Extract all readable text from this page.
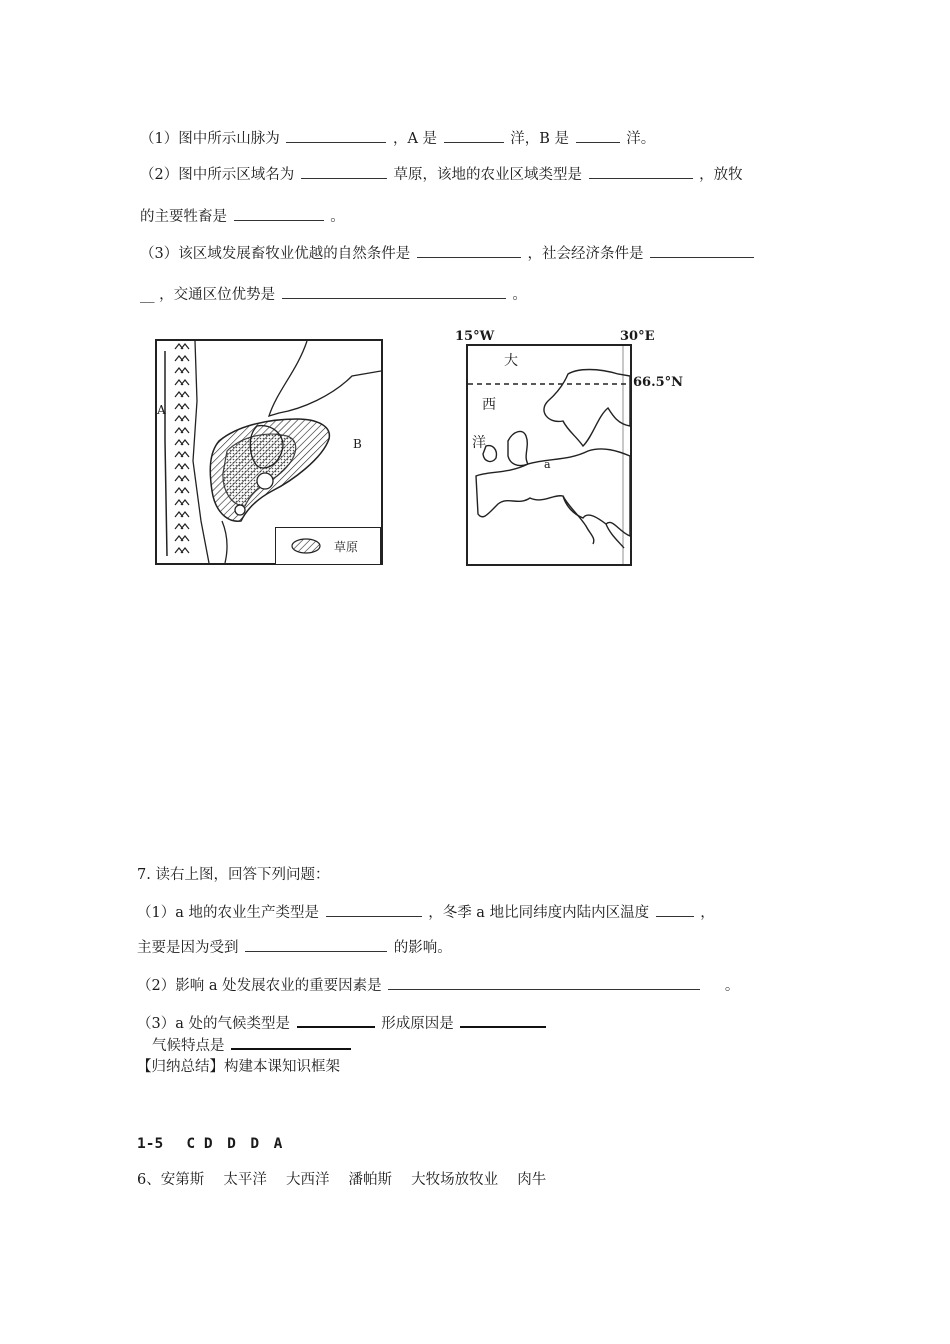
（1）图中所示山脉为	，A 是	洋，B 是	洋。
（2）图中所示区域名为	草原，该地的农业区域类型是	，放牧
的主要牲畜是	。
（3）该区域发展畜牧业优越的自然条件是	，社会经济条件是
__ ，交通区位优势是	。
A
B
草原
15°W	30°E
大
西
洋
a
66.5°N
7. 读右上图，回答下列问题：
（1）a 地的农业生产类型是	，冬季 a 地比同纬度内陆内区温度	，
主要是因为受到	的影响。
（2）影响 a 处发展农业的重要因素是	。
（3）a 处的气候类型是	形成原因是
气候特点是
【归纳总结】构建本课知识框架
1-5　 C D　D　D　A
6、安第斯　 太平洋　 大西洋　 潘帕斯　 大牧场放牧业　 肉牛
